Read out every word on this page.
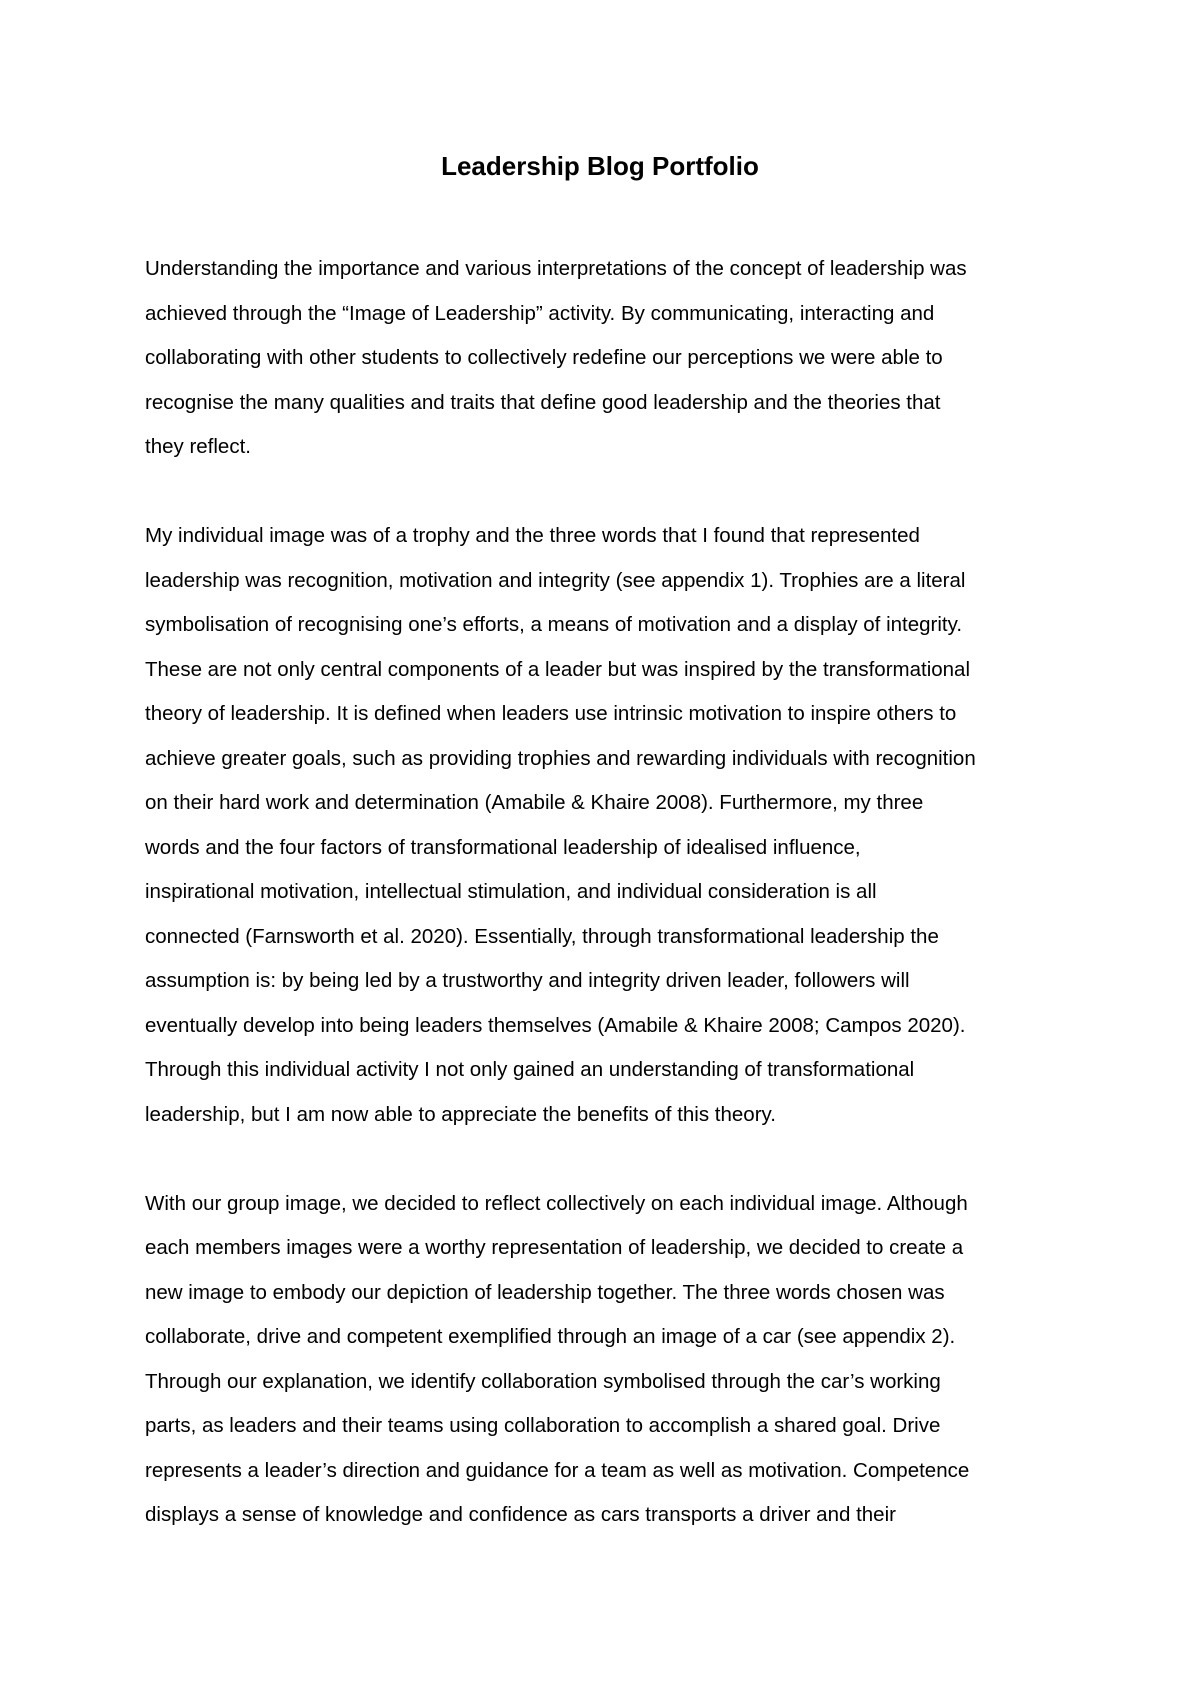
Leadership Blog Portfolio
Understanding the importance and various interpretations of the concept of leadership was
achieved through the “Image of Leadership” activity. By communicating, interacting and
collaborating with other students to collectively redefine our perceptions we were able to
recognise the many qualities and traits that define good leadership and the theories that
they reflect.
My individual image was of a trophy and the three words that I found that represented
leadership was recognition, motivation and integrity (see appendix 1). Trophies are a literal
symbolisation of recognising one’s efforts, a means of motivation and a display of integrity.
These are not only central components of a leader but was inspired by the transformational
theory of leadership. It is defined when leaders use intrinsic motivation to inspire others to
achieve greater goals, such as providing trophies and rewarding individuals with recognition
on their hard work and determination (Amabile & Khaire 2008). Furthermore, my three
words and the four factors of transformational leadership of idealised influence,
inspirational motivation, intellectual stimulation, and individual consideration is all
connected (Farnsworth et al. 2020). Essentially, through transformational leadership the
assumption is: by being led by a trustworthy and integrity driven leader, followers will
eventually develop into being leaders themselves (Amabile & Khaire 2008; Campos 2020).
Through this individual activity I not only gained an understanding of transformational
leadership, but I am now able to appreciate the benefits of this theory.
With our group image, we decided to reflect collectively on each individual image. Although
each members images were a worthy representation of leadership, we decided to create a
new image to embody our depiction of leadership together. The three words chosen was
collaborate, drive and competent exemplified through an image of a car (see appendix 2).
Through our explanation, we identify collaboration symbolised through the car’s working
parts, as leaders and their teams using collaboration to accomplish a shared goal. Drive
represents a leader’s direction and guidance for a team as well as motivation. Competence
displays a sense of knowledge and confidence as cars transports a driver and their
